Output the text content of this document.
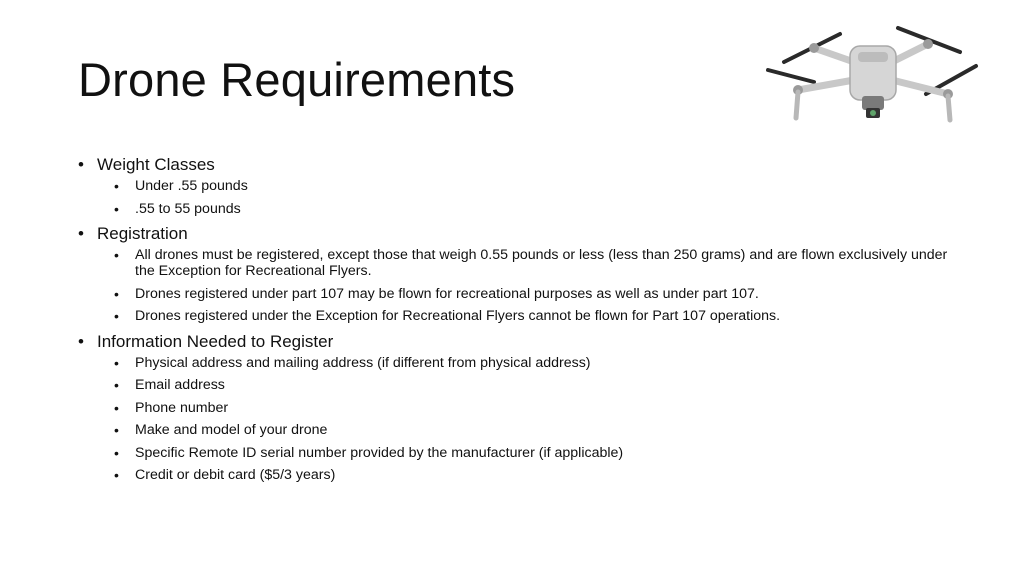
Drone Requirements
• Weight Classes
• Under .55 pounds
• .55 to 55 pounds
• Registration
• All drones must be registered, except those that weigh 0.55 pounds or less (less than 250 grams) and are flown exclusively under the Exception for Recreational Flyers.
• Drones registered under part 107 may be flown for recreational purposes as well as under part 107.
• Drones registered under the Exception for Recreational Flyers cannot be flown for Part 107 operations.
• Information Needed to Register
• Physical address and mailing address (if different from physical address)
• Email address
• Phone number
• Make and model of your drone
• Specific Remote ID serial number provided by the manufacturer (if applicable)
• Credit or debit card ($5/3 years)
